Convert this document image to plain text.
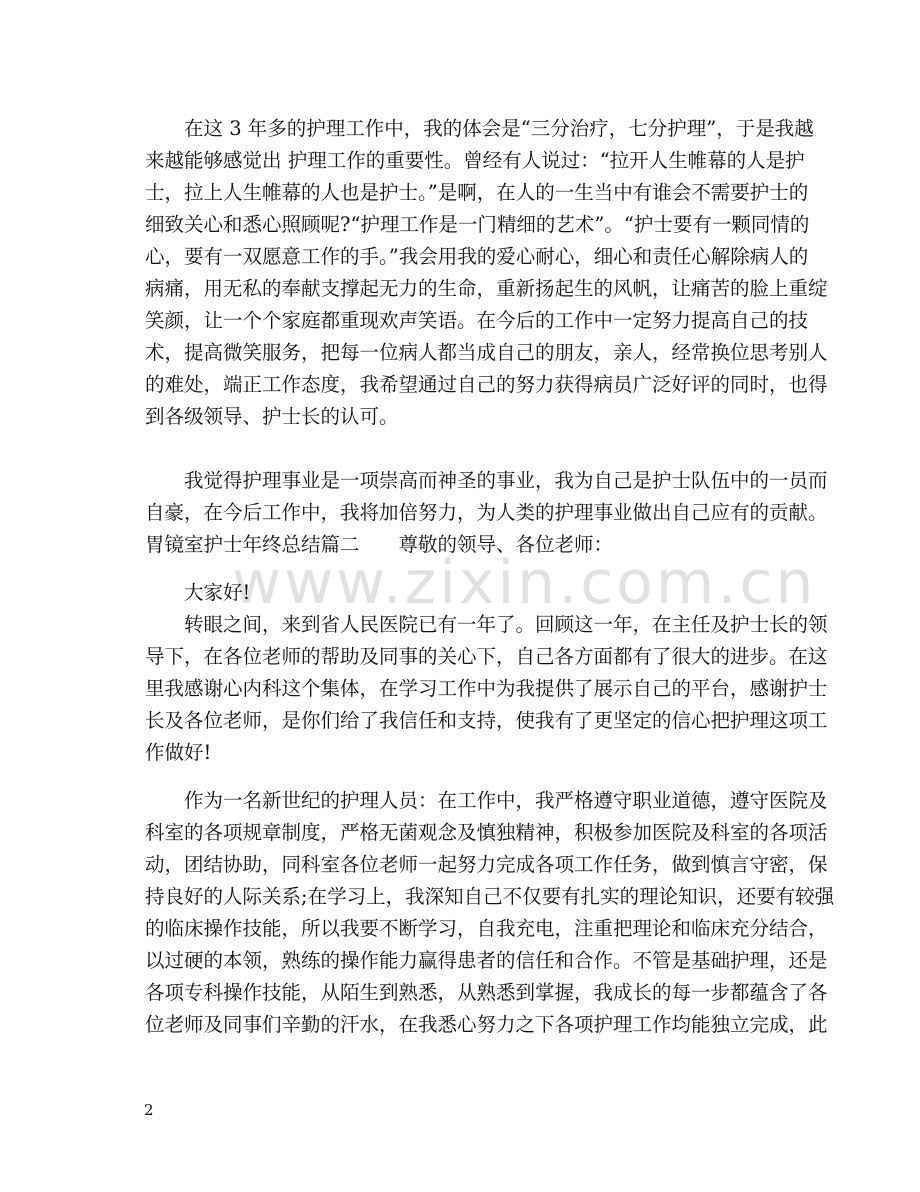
www.zixin.com.cn
　　在这 3 年多的护理工作中，我的体会是“三分治疗，七分护理”，于是我越
来越能够感觉出 护理工作的重要性。曾经有人说过：“拉开人生帷幕的人是护
士，拉上人生帷幕的人也是护士。”是啊，在人的一生当中有谁会不需要护士的
细致关心和悉心照顾呢?“护理工作是一门精细的艺术”。“护士要有一颗同情的
心，要有一双愿意工作的手。”我会用我的爱心耐心，细心和责任心解除病人的
病痛，用无私的奉献支撑起无力的生命，重新扬起生的风帆，让痛苦的脸上重绽
笑颜，让一个个家庭都重现欢声笑语。在今后的工作中一定努力提高自己的技
术，提高微笑服务，把每一位病人都当成自己的朋友，亲人，经常换位思考别人
的难处，端正工作态度，我希望通过自己的努力获得病员广泛好评的同时，也得
到各级领导、护士长的认可。
　　我觉得护理事业是一项崇高而神圣的事业，我为自己是护士队伍中的一员而
自豪，在今后工作中，我将加倍努力，为人类的护理事业做出自己应有的贡献。
胃镜室护士年终总结篇二　　尊敬的领导、各位老师：
　　大家好!
　　转眼之间，来到省人民医院已有一年了。回顾这一年，在主任及护士长的领
导下，在各位老师的帮助及同事的关心下，自己各方面都有了很大的进步。在这
里我感谢心内科这个集体，在学习工作中为我提供了展示自己的平台，感谢护士
长及各位老师，是你们给了我信任和支持，使我有了更坚定的信心把护理这项工
作做好!
　　作为一名新世纪的护理人员：在工作中，我严格遵守职业道德，遵守医院及
科室的各项规章制度，严格无菌观念及慎独精神，积极参加医院及科室的各项活
动，团结协助，同科室各位老师一起努力完成各项工作任务，做到慎言守密，保
持良好的人际关系;在学习上，我深知自己不仅要有扎实的理论知识，还要有较强
的临床操作技能，所以我要不断学习，自我充电，注重把理论和临床充分结合，
以过硬的本领，熟练的操作能力赢得患者的信任和合作。不管是基础护理，还是
各项专科操作技能，从陌生到熟悉，从熟悉到掌握，我成长的每一步都蕴含了各
位老师及同事们辛勤的汗水，在我悉心努力之下各项护理工作均能独立完成，此
2
